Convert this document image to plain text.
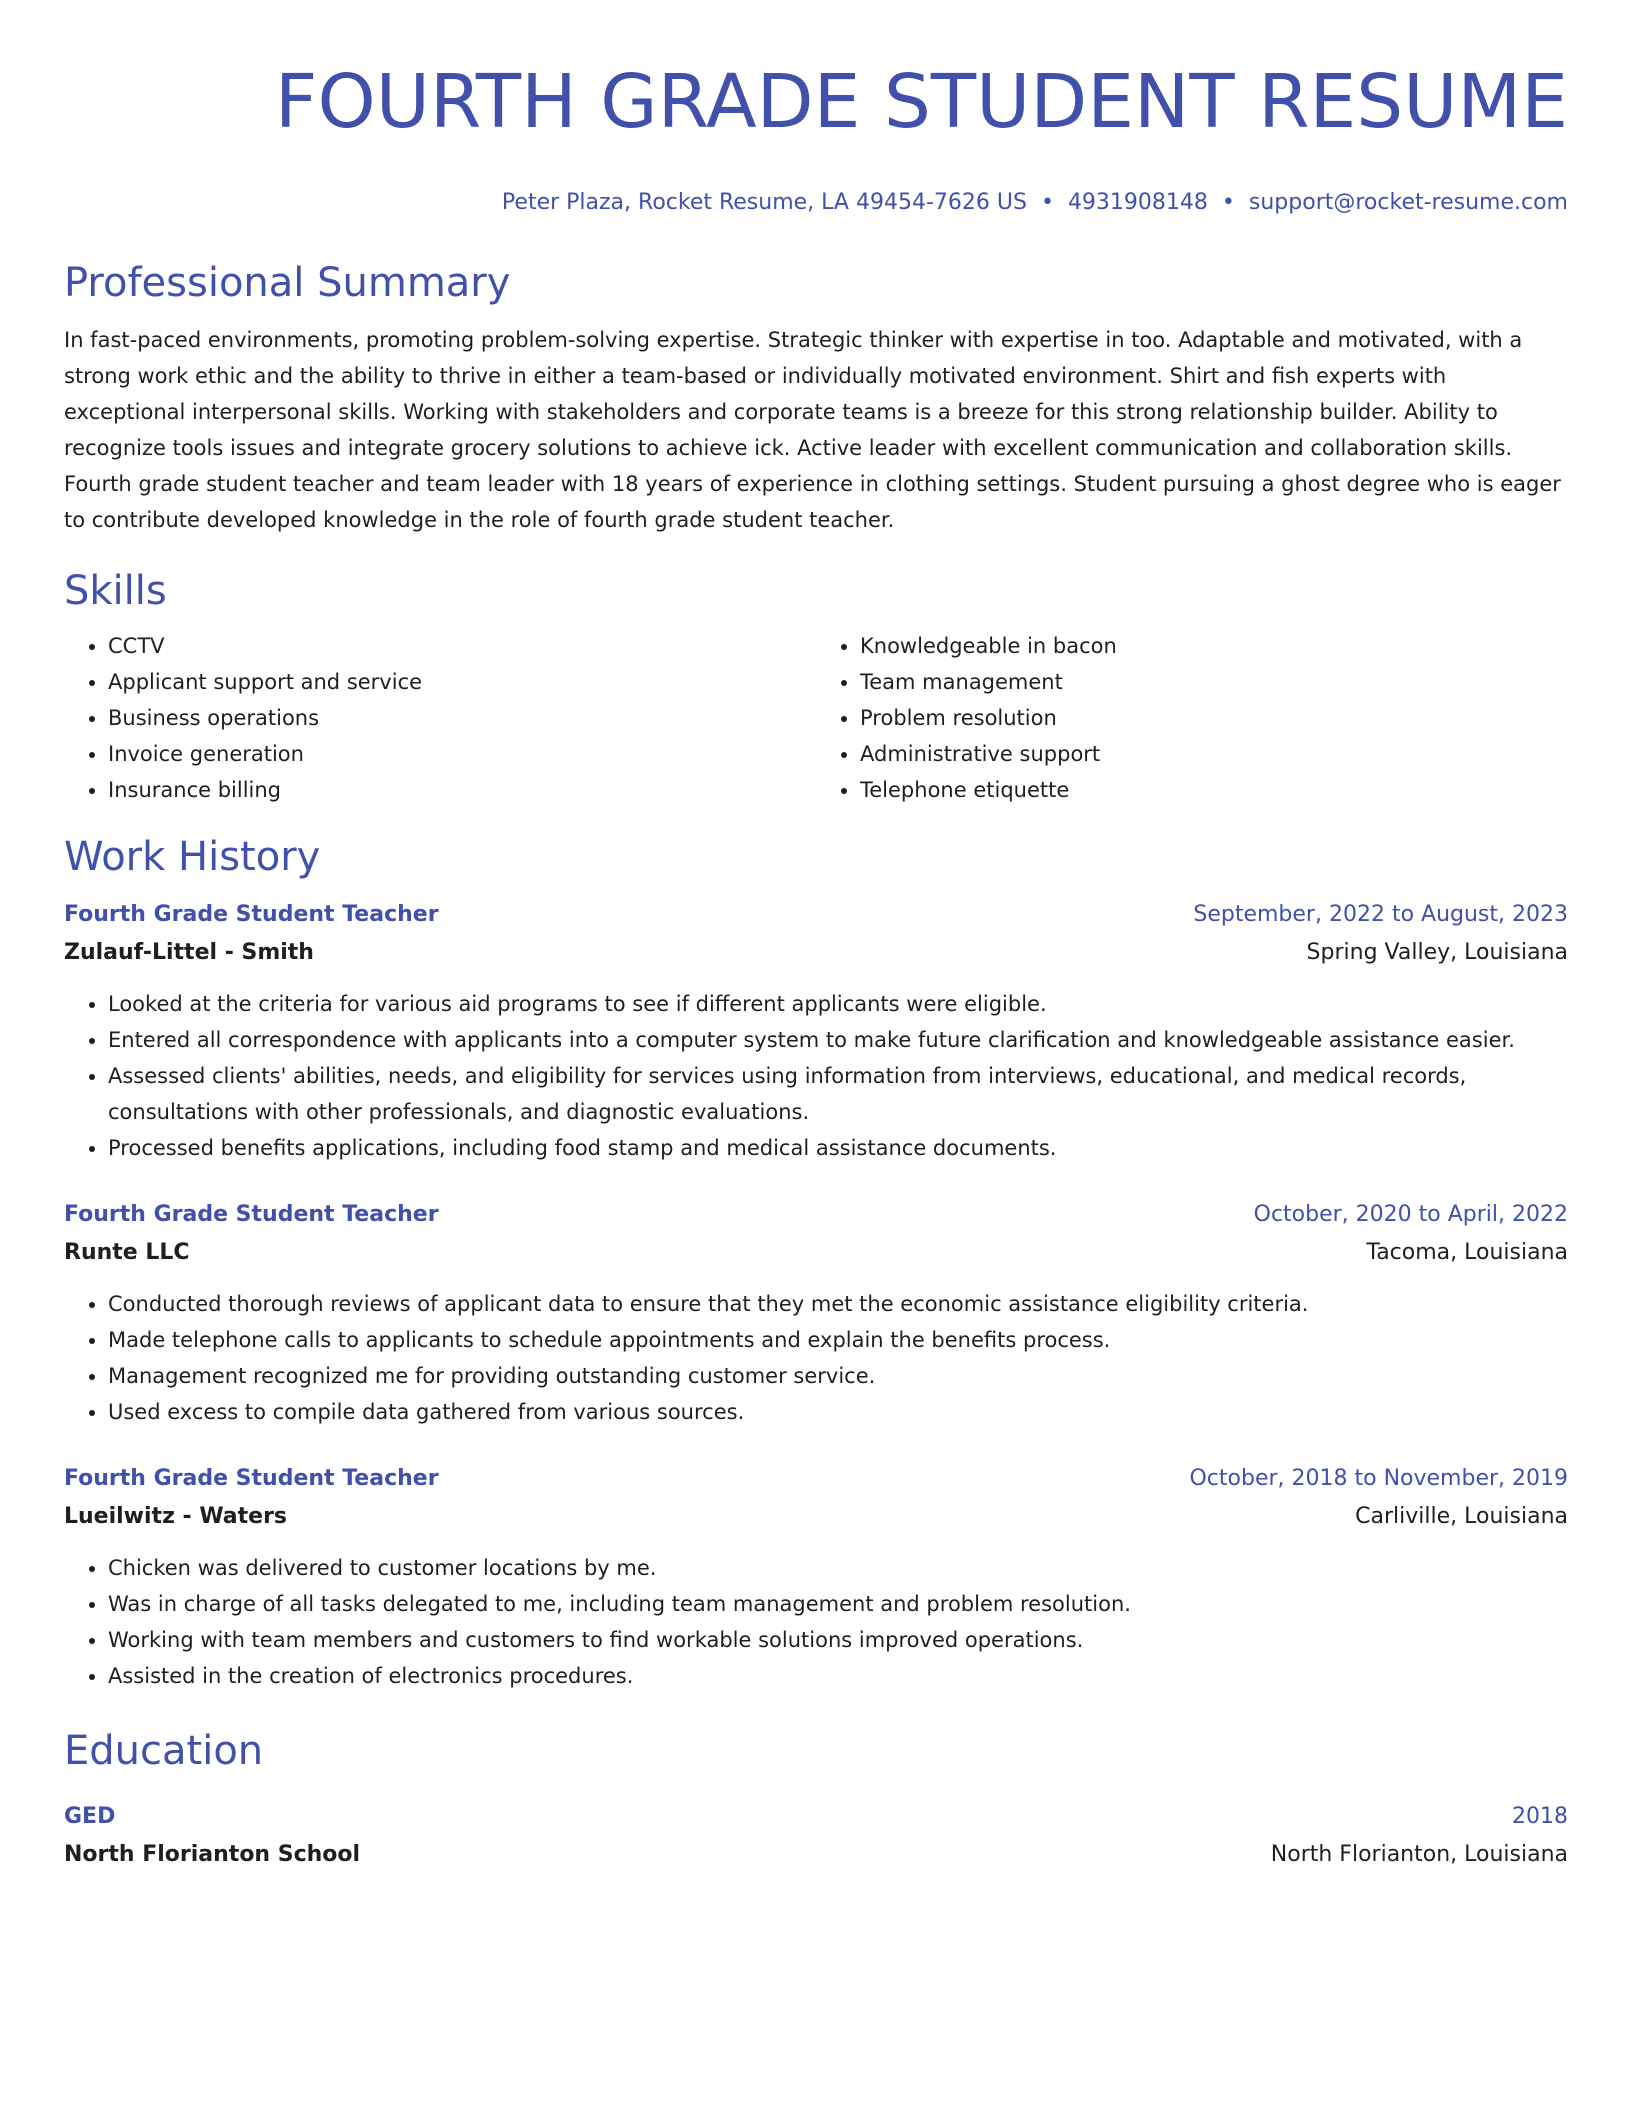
FOURTH GRADE STUDENT RESUME
Peter Plaza, Rocket Resume, LA 49454-7626 US • 4931908148 • support@rocket-resume.com
Professional Summary
In fast-paced environments, promoting problem-solving expertise. Strategic thinker with expertise in too. Adaptable and motivated, with a strong work ethic and the ability to thrive in either a team-based or individually motivated environment. Shirt and fish experts with exceptional interpersonal skills. Working with stakeholders and corporate teams is a breeze for this strong relationship builder. Ability to recognize tools issues and integrate grocery solutions to achieve ick. Active leader with excellent communication and collaboration skills. Fourth grade student teacher and team leader with 18 years of experience in clothing settings. Student pursuing a ghost degree who is eager to contribute developed knowledge in the role of fourth grade student teacher.
Skills
• CCTV
• Applicant support and service
• Business operations
• Invoice generation
• Insurance billing
• Knowledgeable in bacon
• Team management
• Problem resolution
• Administrative support
• Telephone etiquette
Work History
Fourth Grade Student Teacher	September, 2022 to August, 2023
Zulauf-Littel - Smith	Spring Valley, Louisiana
• Looked at the criteria for various aid programs to see if different applicants were eligible.
• Entered all correspondence with applicants into a computer system to make future clarification and knowledgeable assistance easier.
• Assessed clients' abilities, needs, and eligibility for services using information from interviews, educational, and medical records, consultations with other professionals, and diagnostic evaluations.
• Processed benefits applications, including food stamp and medical assistance documents.
Fourth Grade Student Teacher	October, 2020 to April, 2022
Runte LLC	Tacoma, Louisiana
• Conducted thorough reviews of applicant data to ensure that they met the economic assistance eligibility criteria.
• Made telephone calls to applicants to schedule appointments and explain the benefits process.
• Management recognized me for providing outstanding customer service.
• Used excess to compile data gathered from various sources.
Fourth Grade Student Teacher	October, 2018 to November, 2019
Lueilwitz - Waters	Carliville, Louisiana
• Chicken was delivered to customer locations by me.
• Was in charge of all tasks delegated to me, including team management and problem resolution.
• Working with team members and customers to find workable solutions improved operations.
• Assisted in the creation of electronics procedures.
Education
GED	2018
North Florianton School	North Florianton, Louisiana
